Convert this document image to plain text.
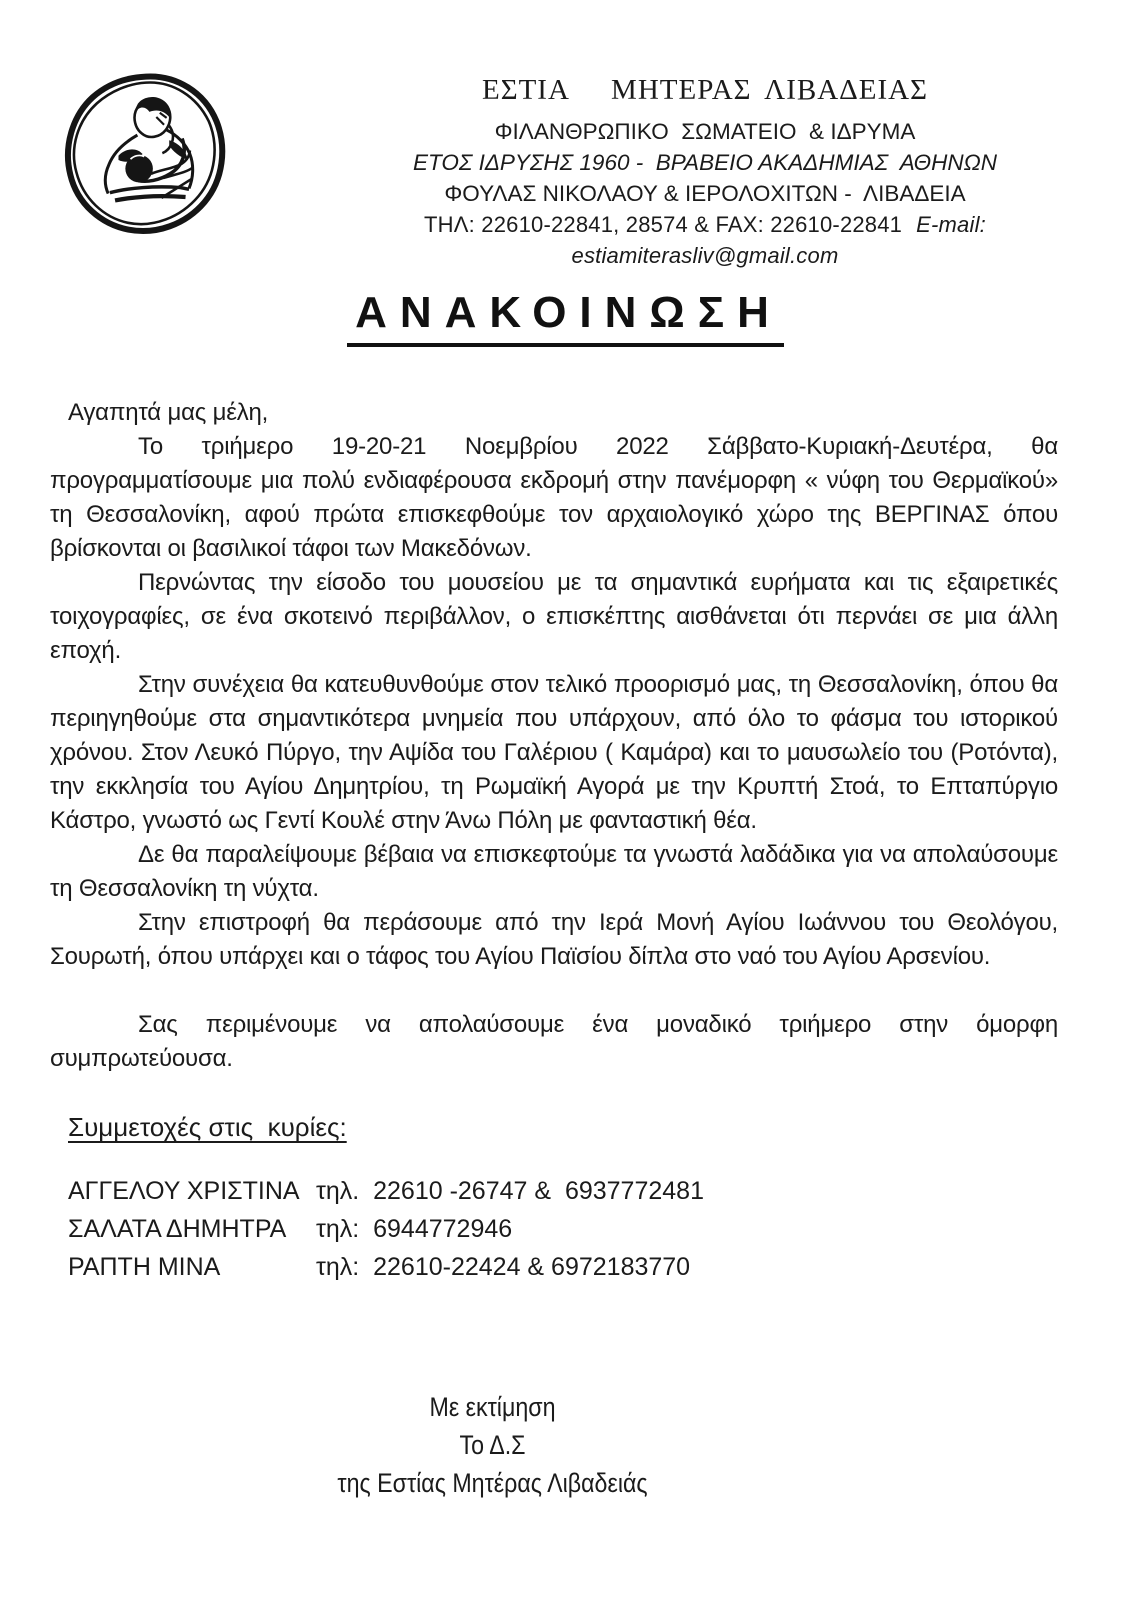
ΕΣΤΙΑ   ΜΗΤΕΡΑΣ ΛΙΒΑΔΕΙΑΣ
ΦΙΛΑΝΘΡΩΠΙΚΟ  ΣΩΜΑΤΕΙΟ  & ΙΔΡΥΜΑ
ΕΤΟΣ ΙΔΡΥΣΗΣ 1960 -  ΒΡΑΒΕΙΟ ΑΚΑΔΗΜΙΑΣ  ΑΘΗΝΩΝ
ΦΟΥΛΑΣ ΝΙΚΟΛΑΟΥ & ΙΕΡΟΛΟΧΙΤΩΝ -  ΛΙΒΑΔΕΙΑ
ΤΗΛ: 22610-22841, 28574 & FAX: 22610-22841 E-mail: estiamiterasliv@gmail.com
ΑΝΑΚΟΙΝΩΣΗ

Αγαπητά μας μέλη,

Το τριήμερο 19-20-21 Νοεμβρίου 2022 Σάββατο-Κυριακή-Δευτέρα, θα προγραμματίσουμε μια πολύ ενδιαφέρουσα εκδρομή στην πανέμορφη « νύφη του Θερμαϊκού» τη Θεσσαλονίκη, αφού πρώτα επισκεφθούμε τον αρχαιολογικό χώρο της ΒΕΡΓΙΝΑΣ όπου βρίσκονται οι βασιλικοί τάφοι των Μακεδόνων.

Περνώντας την είσοδο του μουσείου με τα σημαντικά ευρήματα και τις εξαιρετικές τοιχογραφίες, σε ένα σκοτεινό περιβάλλον, ο επισκέπτης αισθάνεται ότι περνάει σε μια άλλη εποχή.

Στην συνέχεια θα κατευθυνθούμε στον τελικό προορισμό μας, τη Θεσσαλονίκη, όπου θα περιηγηθούμε στα σημαντικότερα μνημεία που υπάρχουν, από όλο το φάσμα του ιστορικού χρόνου. Στον Λευκό Πύργο, την Αψίδα του Γαλέριου ( Καμάρα) και το μαυσωλείο του (Ροτόντα), την εκκλησία του Αγίου Δημητρίου, τη Ρωμαϊκή Αγορά με την Κρυπτή Στοά, το Επταπύργιο Κάστρο, γνωστό ως Γεντί Κουλέ στην Άνω Πόλη με φανταστική θέα.

Δε θα παραλείψουμε βέβαια να επισκεφτούμε τα γνωστά λαδάδικα για να απολαύσουμε τη Θεσσαλονίκη τη νύχτα.

Στην επιστροφή θα περάσουμε από την Ιερά Μονή Αγίου Ιωάννου του Θεολόγου, Σουρωτή, όπου υπάρχει και ο τάφος του Αγίου Παϊσίου δίπλα στο ναό του Αγίου Αρσενίου.

Σας περιμένουμε να απολαύσουμε ένα μοναδικό τριήμερο στην όμορφη συμπρωτεύουσα.

Συμμετοχές στις  κυρίες:
ΑΓΓΕΛΟΥ ΧΡΙΣΤΙΝΑ τηλ.  22610 -26747 &  6937772481
ΣΑΛΑΤΑ ΔΗΜΗΤΡΑ	τηλ:  6944772946
ΡΑΠΤΗ ΜΙΝΑ	τηλ:  22610-22424 & 6972183770
Με εκτίμηση
Το Δ.Σ
της Εστίας Μητέρας Λιβαδειάς
